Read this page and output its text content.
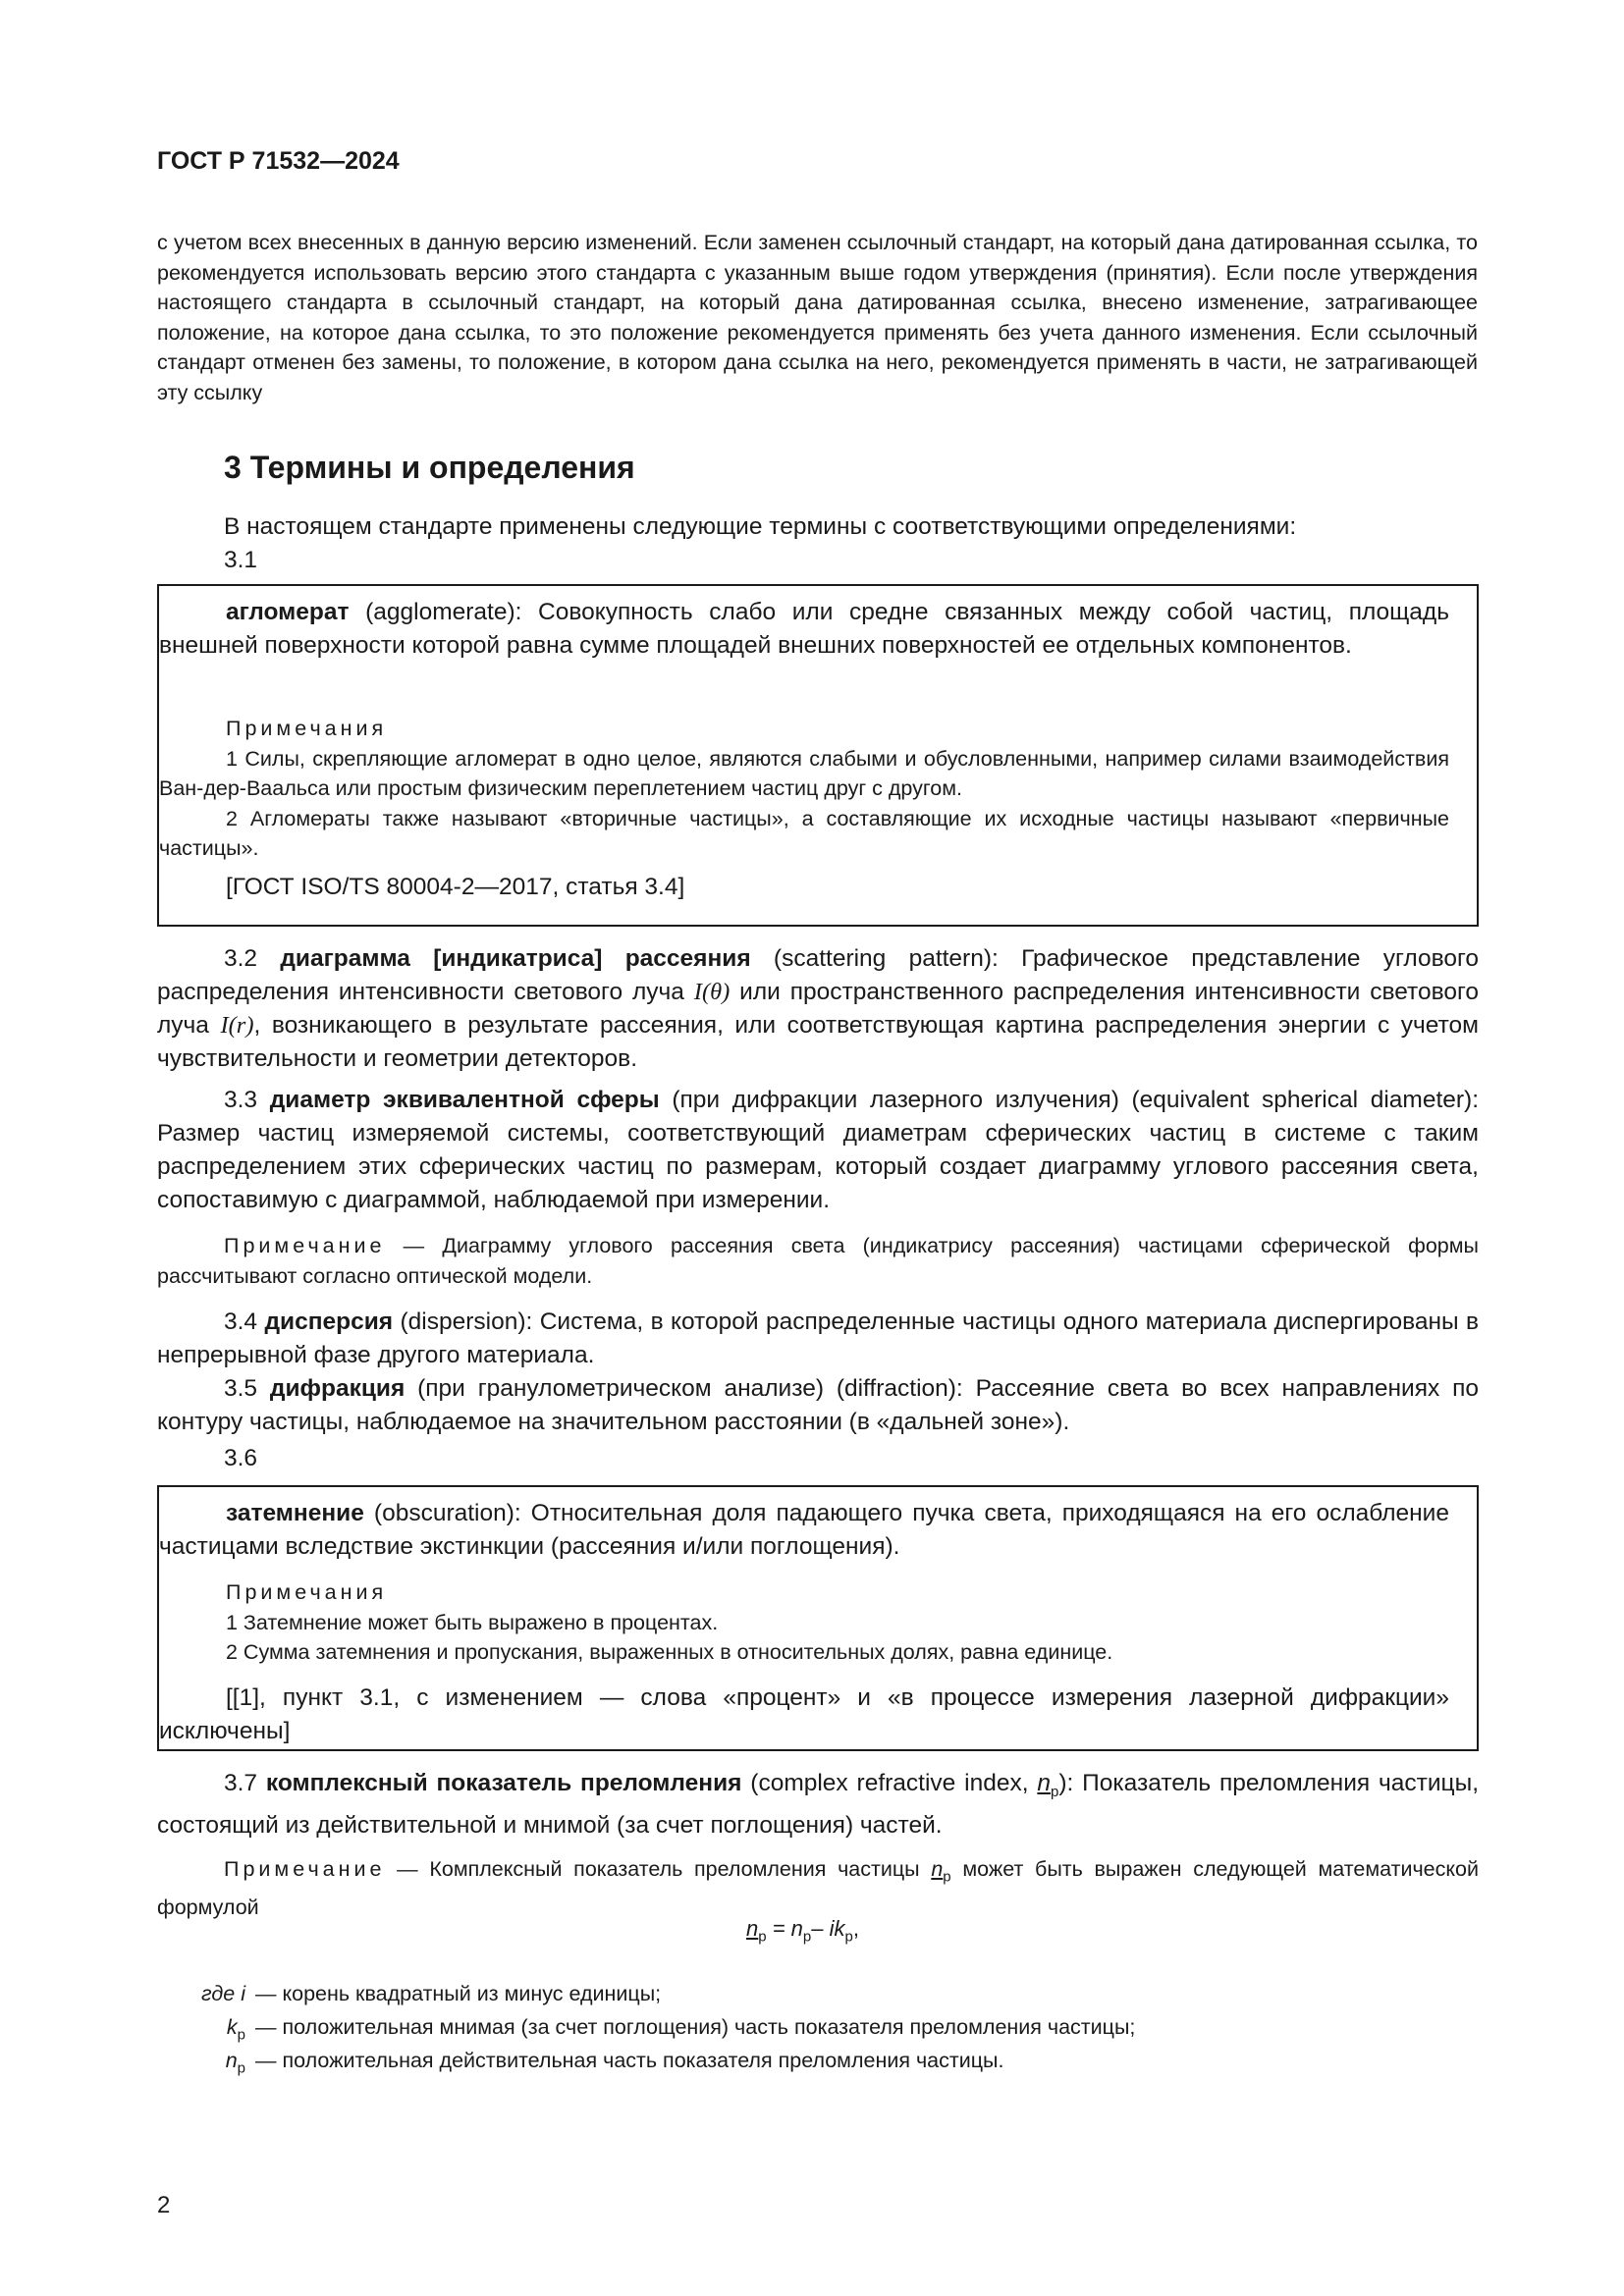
ГОСТ Р 71532—2024
с учетом всех внесенных в данную версию изменений. Если заменен ссылочный стандарт, на который дана датированная ссылка, то рекомендуется использовать версию этого стандарта с указанным выше годом утверждения (принятия). Если после утверждения настоящего стандарта в ссылочный стандарт, на который дана датированная ссылка, внесено изменение, затрагивающее положение, на которое дана ссылка, то это положение рекомендуется применять без учета данного изменения. Если ссылочный стандарт отменен без замены, то положение, в котором дана ссылка на него, рекомендуется применять в части, не затрагивающей эту ссылку
3 Термины и определения
В настоящем стандарте применены следующие термины с соответствующими определениями:
3.1

агломерат (agglomerate): Совокупность слабо или средне связанных между собой частиц, площадь внешней поверхности которой равна сумме площадей внешних поверхностей ее отдельных компонентов.

Примечания

1 Силы, скрепляющие агломерат в одно целое, являются слабыми и обусловленными, например силами взаимодействия Ван-дер-Ваальса или простым физическим переплетением частиц друг с другом.

2 Агломераты также называют «вторичные частицы», а составляющие их исходные частицы называют «первичные частицы».

[ГОСТ ISO/TS 80004-2—2017, статья 3.4]

3.2 диаграмма [индикатриса] рассеяния (scattering pattern): Графическое представление углового распределения интенсивности светового луча I(θ) или пространственного распределения интенсивности светового луча I(r), возникающего в результате рассеяния, или соответствующая картина распределения энергии с учетом чувствительности и геометрии детекторов.

3.3 диаметр эквивалентной сферы (при дифракции лазерного излучения) (equivalent spherical diameter): Размер частиц измеряемой системы, соответствующий диаметрам сферических частиц в системе с таким распределением этих сферических частиц по размерам, который создает диаграмму углового рассеяния света, сопоставимую с диаграммой, наблюдаемой при измерении.

Примечание — Диаграмму углового рассеяния света (индикатрису рассеяния) частицами сферической формы рассчитывают согласно оптической модели.

3.4 дисперсия (dispersion): Система, в которой распределенные частицы одного материала диспергированы в непрерывной фазе другого материала.

3.5 дифракция (при гранулометрическом анализе) (diffraction): Рассеяние света во всех направлениях по контуру частицы, наблюдаемое на значительном расстоянии (в «дальней зоне»).

3.6

затемнение (obscuration): Относительная доля падающего пучка света, приходящаяся на его ослабление частицами вследствие экстинкции (рассеяния и/или поглощения).

Примечания

1 Затемнение может быть выражено в процентах.

2 Сумма затемнения и пропускания, выраженных в относительных долях, равна единице.

[[1], пункт 3.1, с изменением — слова «процент» и «в процессе измерения лазерной дифракции» исключены]

3.7 комплексный показатель преломления (complex refractive index, $n_p$): Показатель преломления частицы, состоящий из действительной и мнимой (за счет поглощения) частей.

Примечание — Комплексный показатель преломления частицы $n_p$ может быть выражен следующей математической формулой

$n_p = n_p-$ $ik_p$,
где i — корень квадратный из минус единицы;
$k_p$ — положительная мнимая (за счет поглощения) часть показателя преломления частицы;
$n_p$ — положительная действительная часть показателя преломления частицы.
2
